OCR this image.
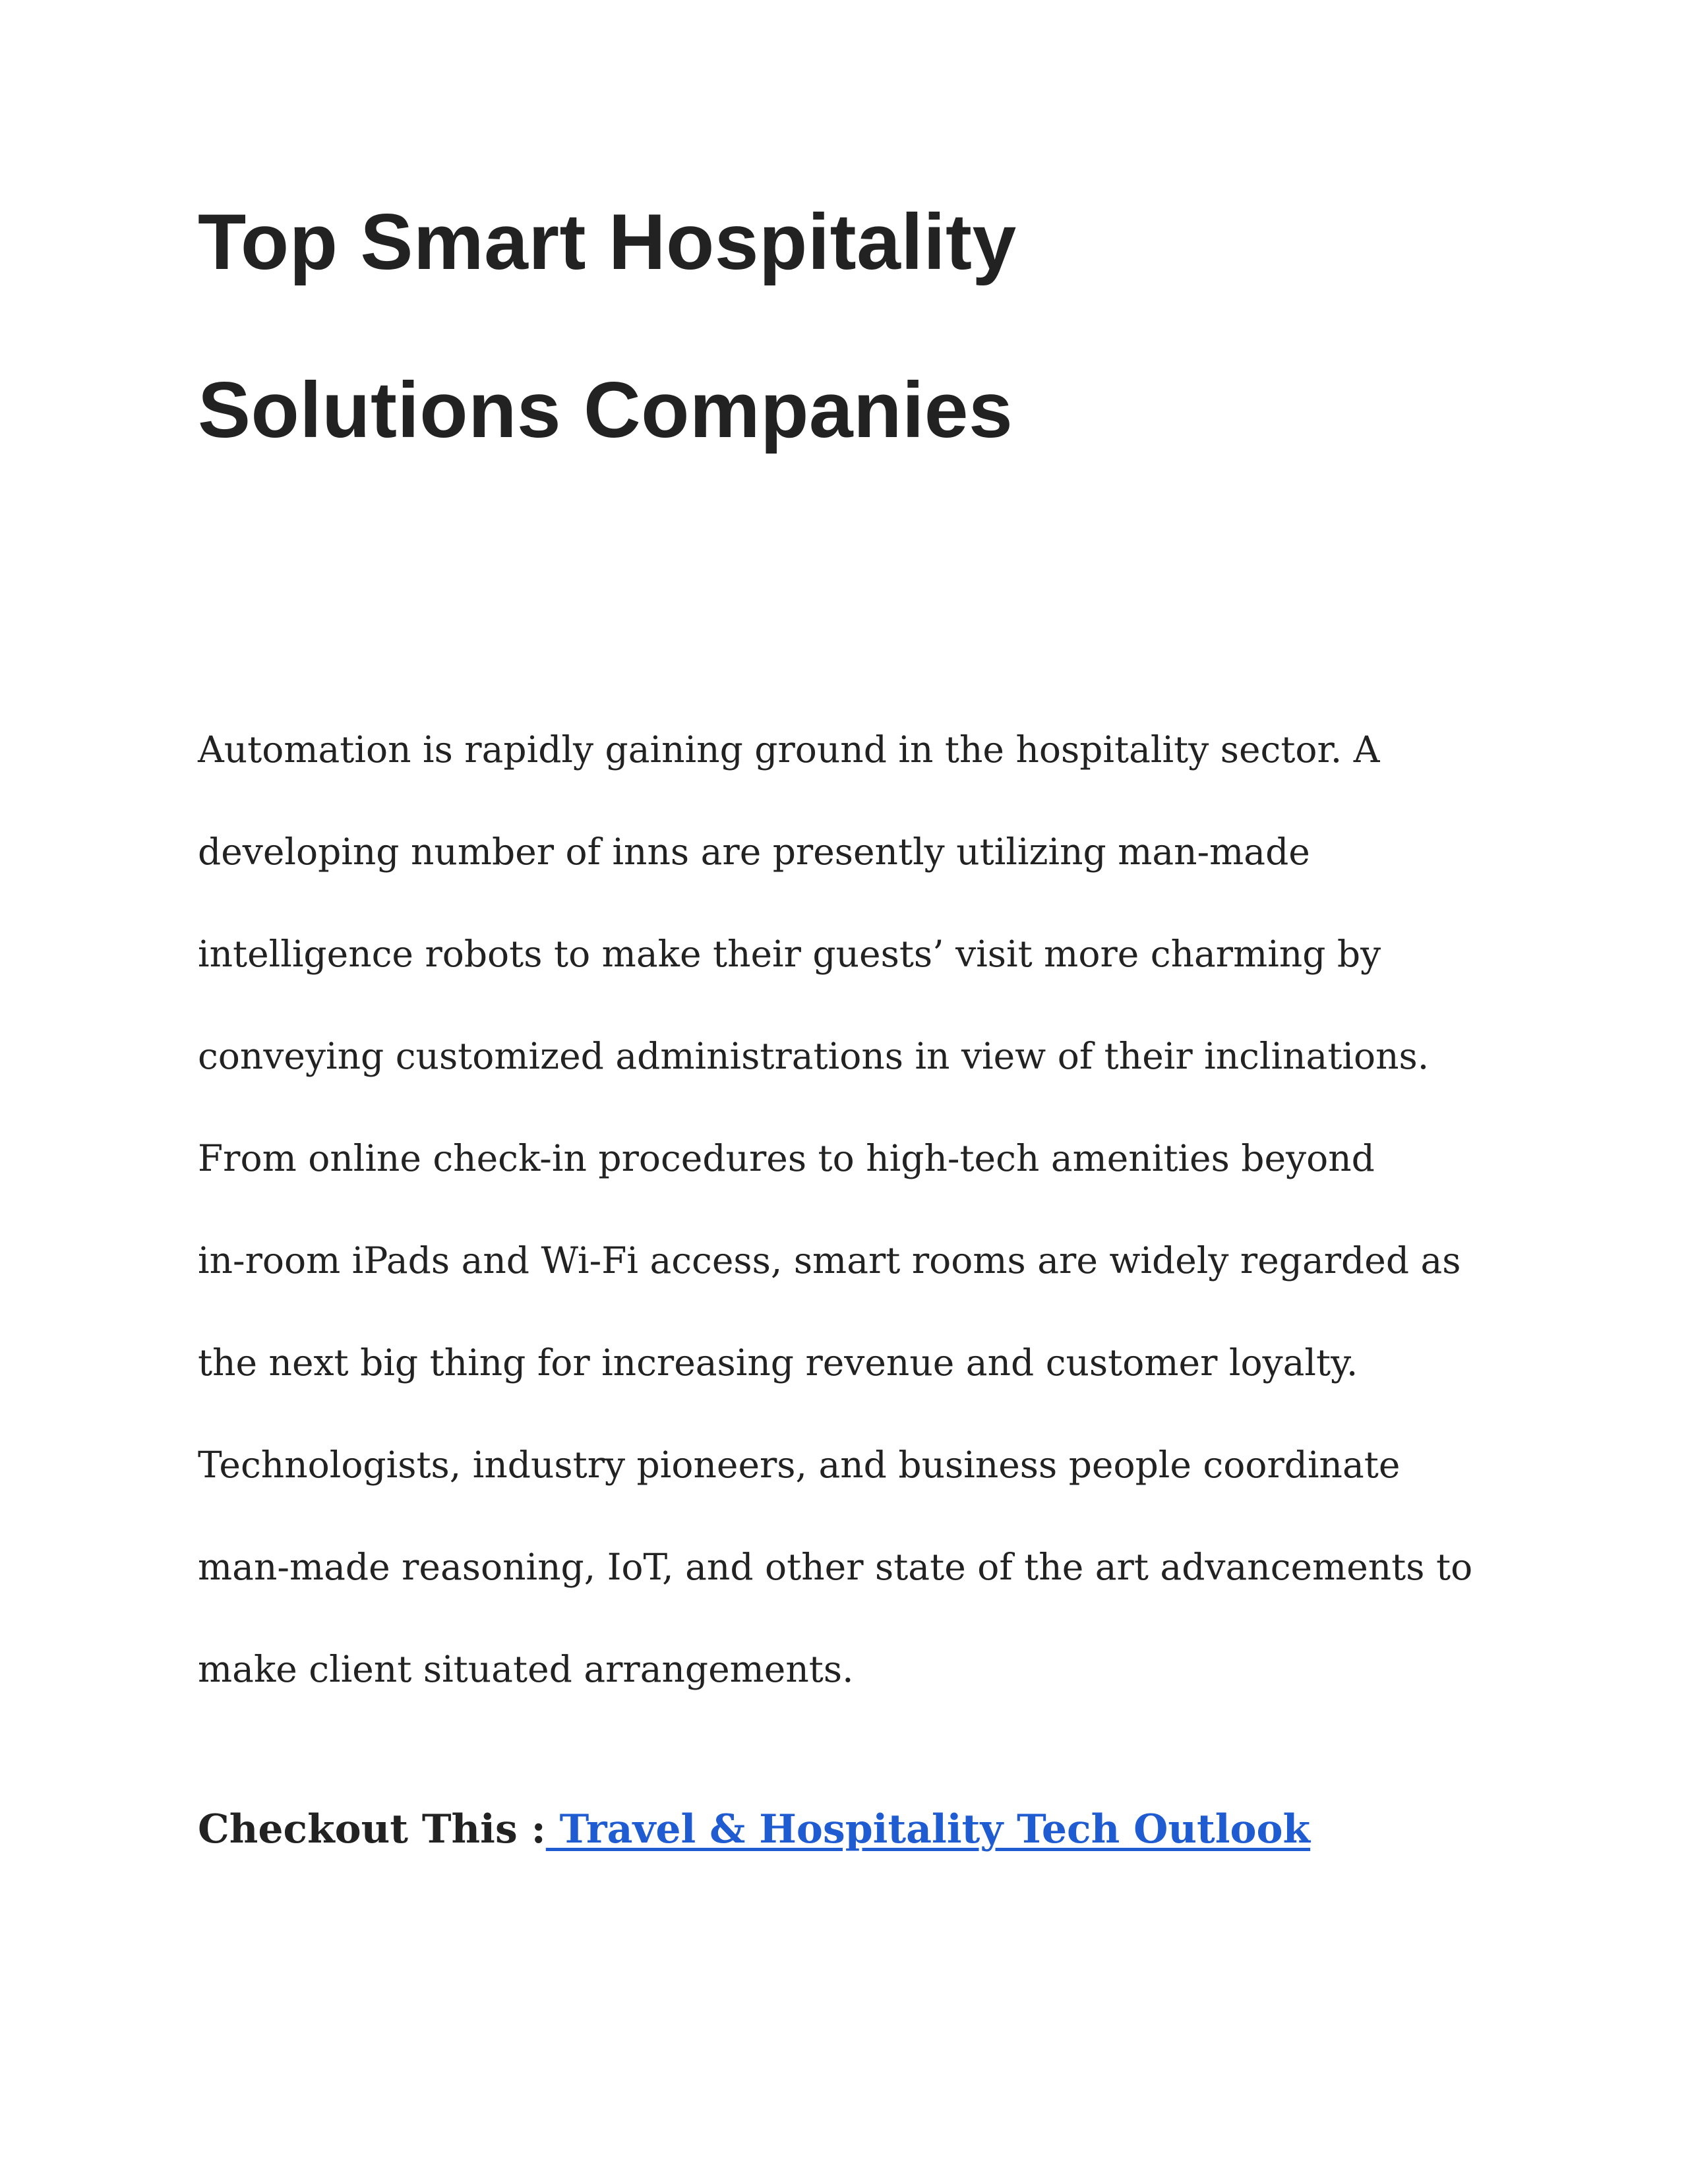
Top Smart Hospitality
Solutions Companies

Automation is rapidly gaining ground in the hospitality sector. A
developing number of inns are presently utilizing man-made
intelligence robots to make their guests’ visit more charming by
conveying customized administrations in view of their inclinations.
From online check-in procedures to high-tech amenities beyond
in-room iPads and Wi-Fi access, smart rooms are widely regarded as
the next big thing for increasing revenue and customer loyalty.
Technologists, industry pioneers, and business people coordinate
man-made reasoning, IoT, and other state of the art advancements to
make client situated arrangements.

Checkout This : Travel & Hospitality Tech Outlook
